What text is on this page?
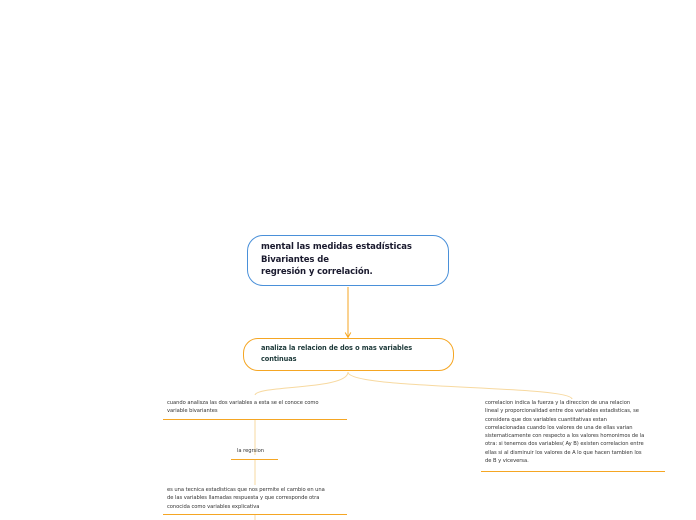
mental las medidas estadísticas
Bivariantes de
regresión y correlación.
analiza la relacion de dos o mas variables
continuas
cuando analisza las dos variables a esta se el conoce como
variable bivariantes
la regrsion
es una tecnica estadisticas que nos permite el cambio en una
de las variables llamadas respuesta y que corresponde otra
conocida como variables explicativa
correlacion indica la fuerza y la direccion de una relacion
lineal y proporcionalidad entre dos variables estadisticas, se
considera que dos variables cuantitativas estan
correlacionadas cuando los valores de una de ellas varian
sistematicamente con respecto a los valores homonimos de la
otra: si tenemos dos variables( Ay B) existen correlacion entre
ellas si al disminuir los valores de A lo que hacen tambien los
de B y viceversa.
